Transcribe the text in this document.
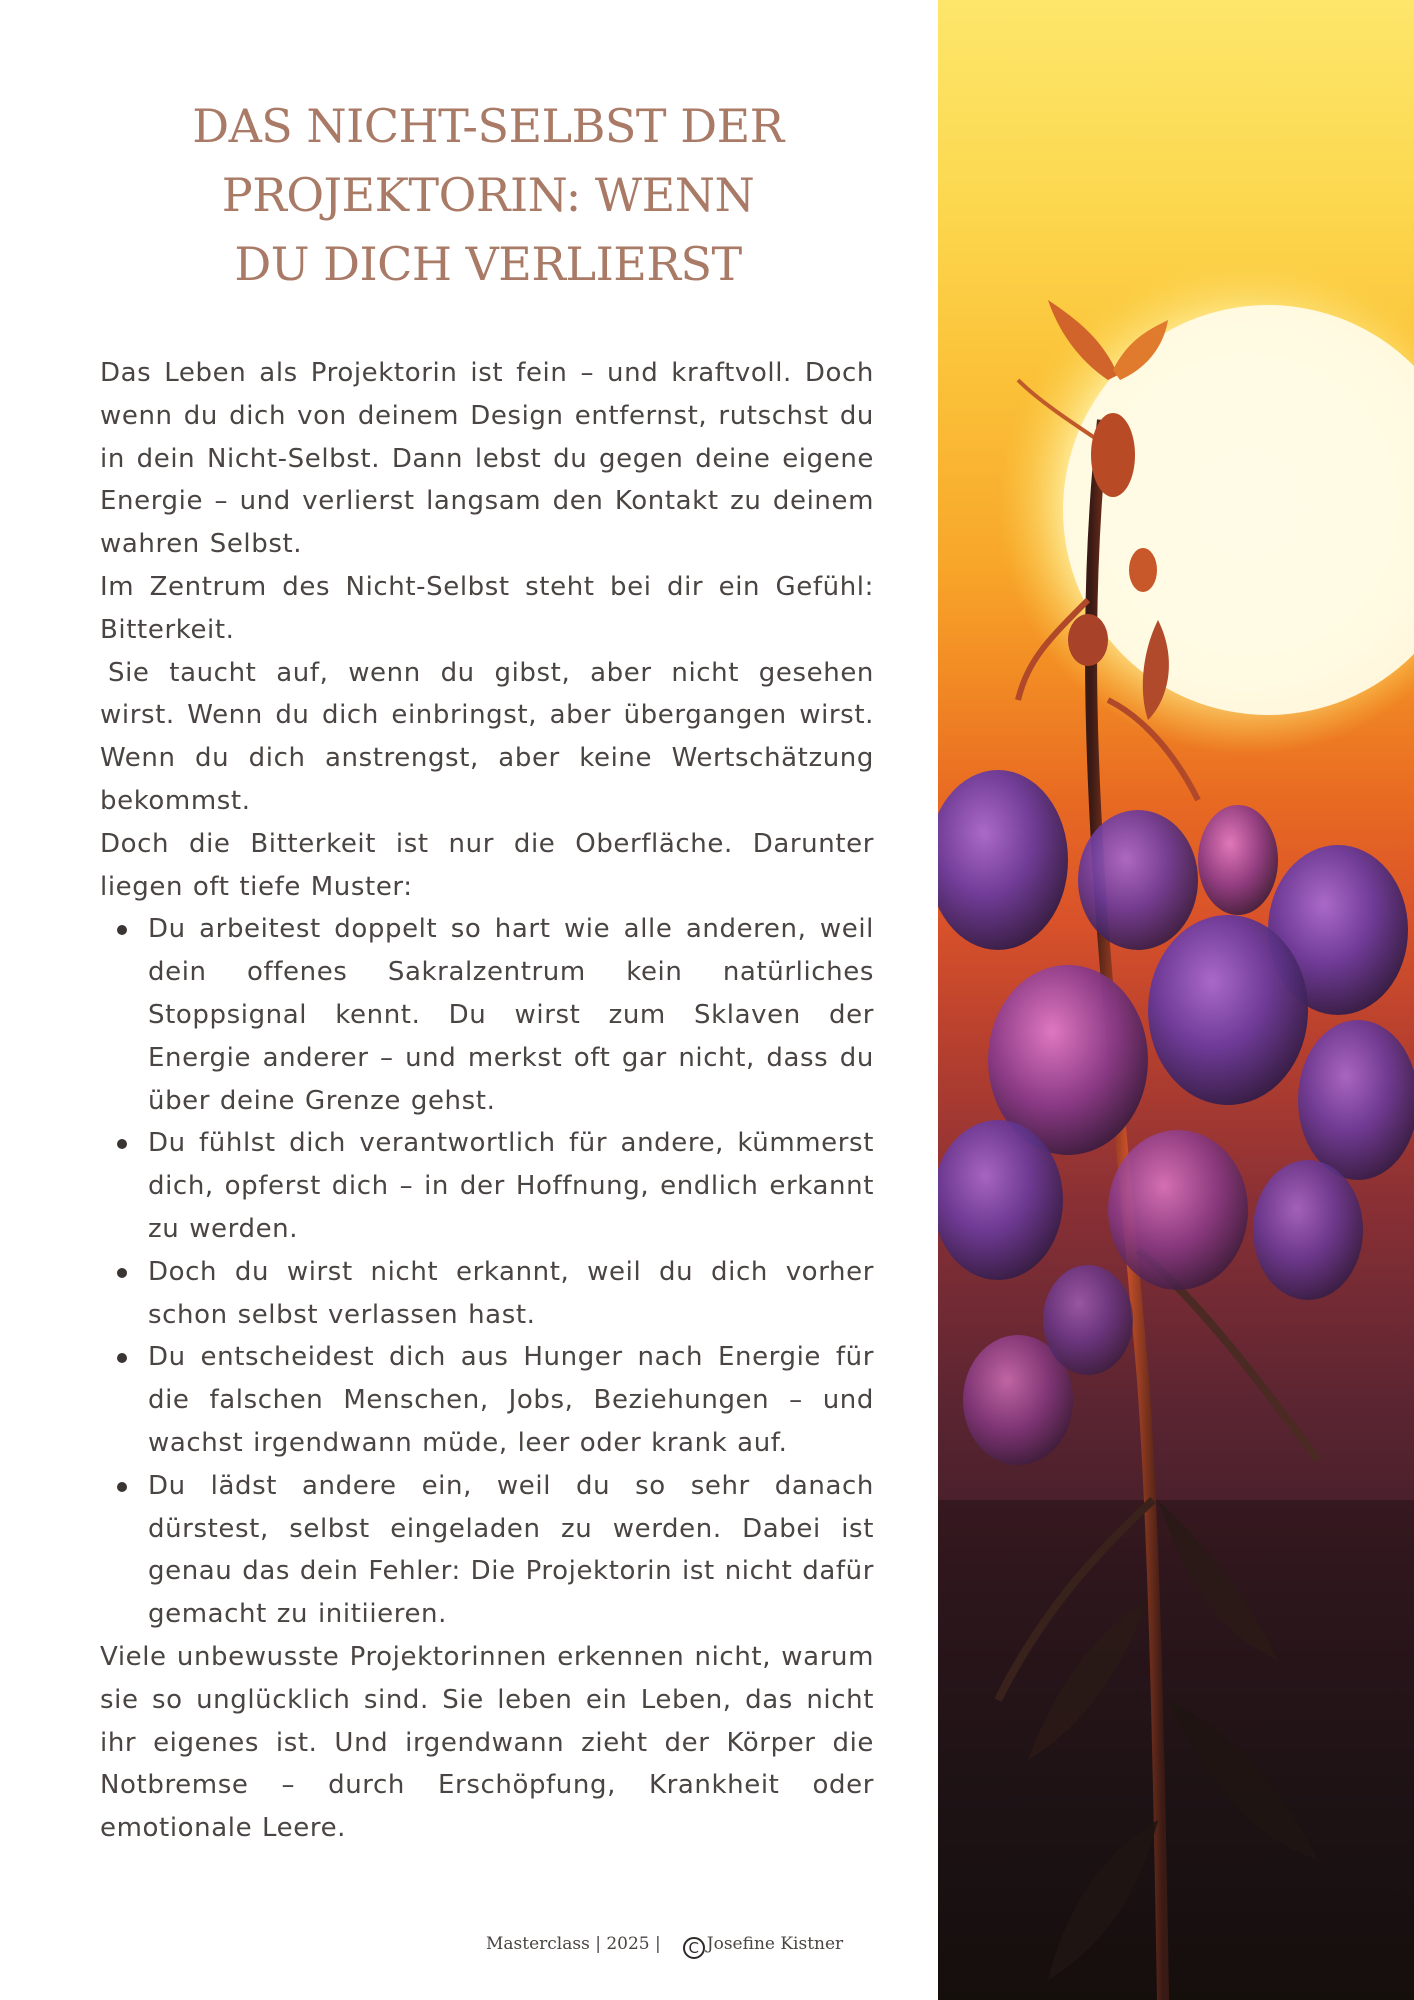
DAS NICHT-SELBST DER
PROJEKTORIN: WENN
DU DICH VERLIERST

Das Leben als Projektorin ist fein – und kraftvoll. Doch wenn du dich von deinem Design entfernst, rutschst du in dein Nicht-Selbst. Dann lebst du gegen deine eigene Energie – und verlierst langsam den Kontakt zu deinem wahren Selbst.

Im Zentrum des Nicht-Selbst steht bei dir ein Gefühl: Bitterkeit.

Sie taucht auf, wenn du gibst, aber nicht gesehen wirst. Wenn du dich einbringst, aber übergangen wirst. Wenn du dich anstrengst, aber keine Wertschätzung bekommst.

Doch die Bitterkeit ist nur die Oberfläche. Darunter liegen oft tiefe Muster:

Du arbeitest doppelt so hart wie alle anderen, weil dein offenes Sakralzentrum kein natürliches Stoppsignal kennt. Du wirst zum Sklaven der Energie anderer – und merkst oft gar nicht, dass du über deine Grenze gehst.
Du fühlst dich verantwortlich für andere, kümmerst dich, opferst dich – in der Hoffnung, endlich erkannt zu werden.
Doch du wirst nicht erkannt, weil du dich vorher schon selbst verlassen hast.
Du entscheidest dich aus Hunger nach Energie für die falschen Menschen, Jobs, Beziehungen – und wachst irgendwann müde, leer oder krank auf.
Du lädst andere ein, weil du so sehr danach dürstest, selbst eingeladen zu werden. Dabei ist genau das dein Fehler: Die Projektorin ist nicht dafür gemacht zu initiieren.

Viele unbewusste Projektorinnen erkennen nicht, warum sie so unglücklich sind. Sie leben ein Leben, das nicht ihr eigenes ist. Und irgendwann zieht der Körper die Notbremse – durch Erschöpfung, Krankheit oder emotionale Leere.

Masterclass | 2025 | C Josefine Kistner
